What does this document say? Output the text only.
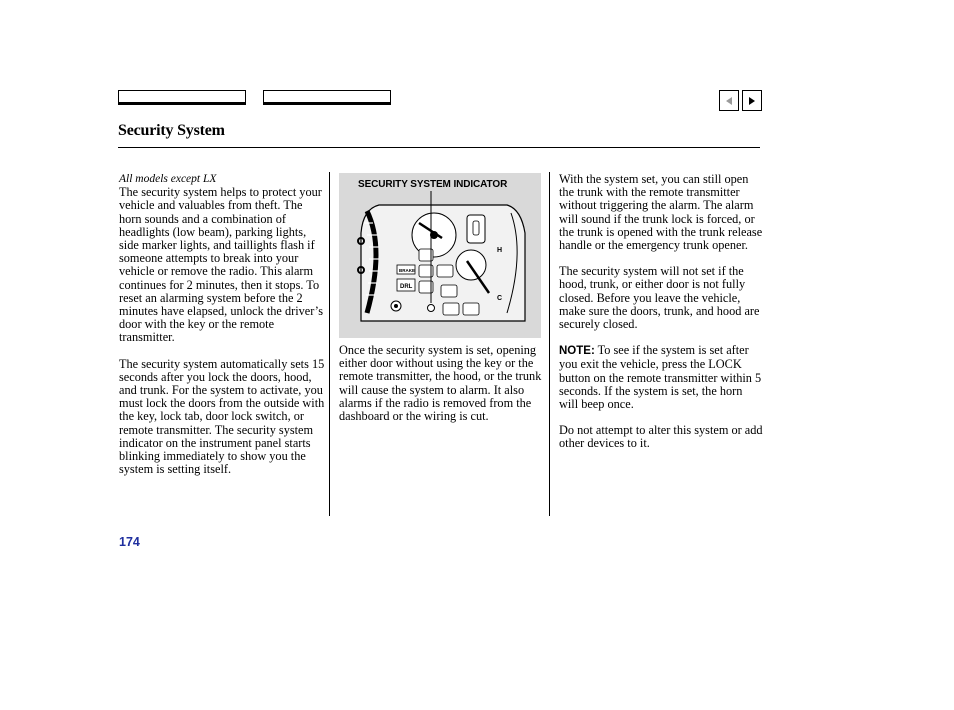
Security System

All models except LX

The security system helps to protect your vehicle and valuables from theft. The horn sounds and a combination of headlights (low beam), parking lights, side marker lights, and taillights flash if someone attempts to break into your vehicle or remove the radio. This alarm continues for 2 minutes, then it stops. To reset an alarming system before the 2 minutes have elapsed, unlock the driver’s door with the key or the remote transmitter.

The security system automatically sets 15 seconds after you lock the doors, hood, and trunk. For the system to activate, you must lock the doors from the outside with the key, lock tab, door lock switch, or remote transmitter. The security system indicator on the instrument panel starts blinking immediately to show you the system is setting itself.

SECURITY SYSTEM INDICATOR
H
C
BRAKE
DRL

Once the security system is set, opening either door without using the key or the remote transmitter, the hood, or the trunk will cause the system to alarm. It also alarms if the radio is removed from the dashboard or the wiring is cut.

With the system set, you can still open the trunk with the remote transmitter without triggering the alarm. The alarm will sound if the trunk lock is forced, or the trunk is opened with the trunk release handle or the emergency trunk opener.

The security system will not set if the hood, trunk, or either door is not fully closed. Before you leave the vehicle, make sure the doors, trunk, and hood are securely closed.

NOTE: To see if the system is set after you exit the vehicle, press the LOCK button on the remote transmitter within 5 seconds. If the system is set, the horn will beep once.

Do not attempt to alter this system or add other devices to it.

174
